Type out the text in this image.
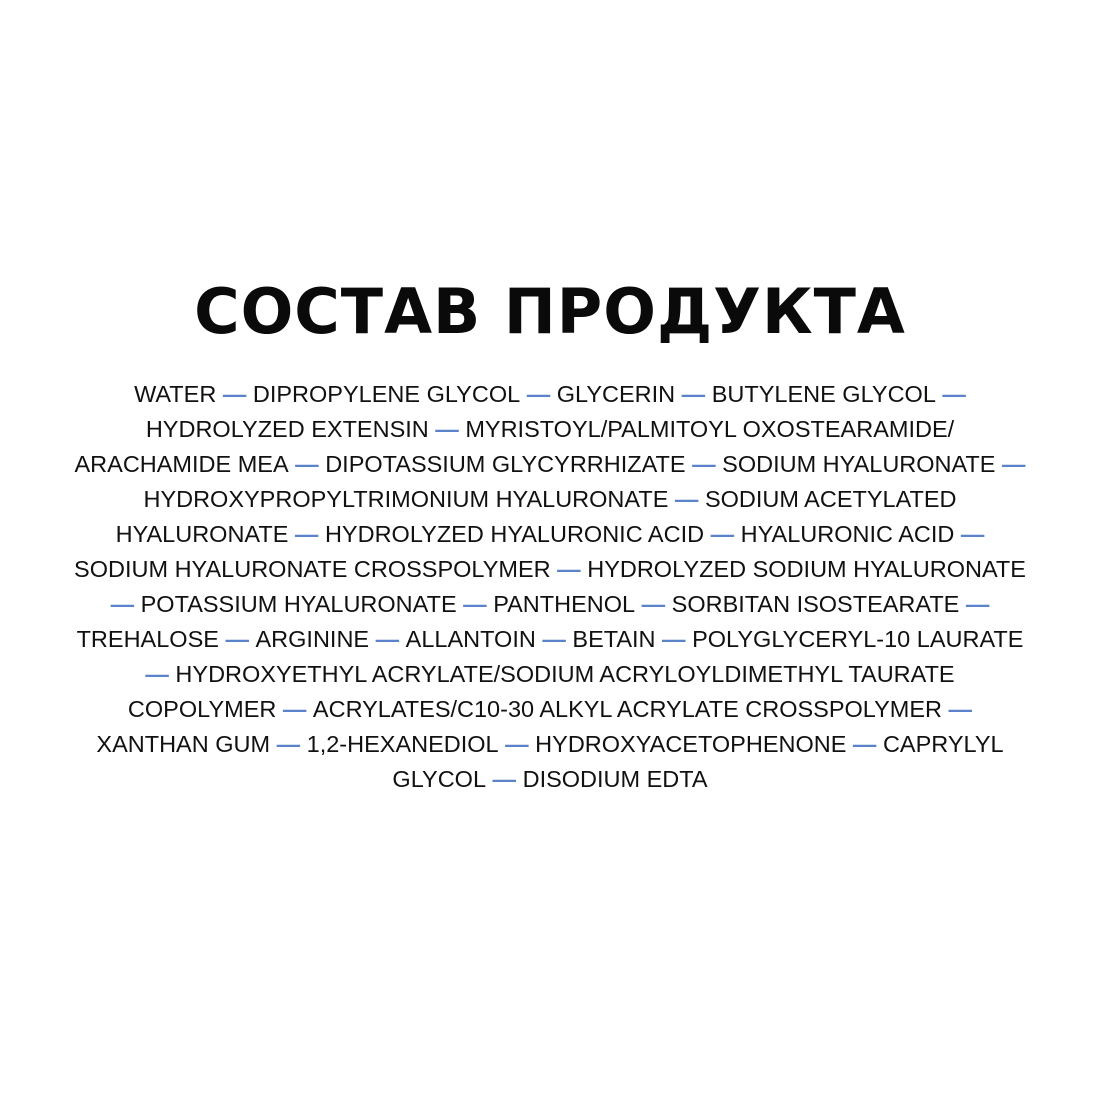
СОСТАВ ПРОДУКТА

WATER — DIPROPYLENE GLYCOL — GLYCERIN — BUTYLENE GLYCOL — HYDROLYZED EXTENSIN — MYRISTOYL/PALMITOYL OXOSTEARAMIDE/ ARACHAMIDE MEA — DIPOTASSIUM GLYCYRRHIZATE — SODIUM HYALURONATE — HYDROXYPROPYLTRIMONIUM HYALURONATE — SODIUM ACETYLATED HYALURONATE — HYDROLYZED HYALURONIC ACID — HYALURONIC ACID — SODIUM HYALURONATE CROSSPOLYMER — HYDROLYZED SODIUM HYALURONATE — POTASSIUM HYALURONATE — PANTHENOL — SORBITAN ISOSTEARATE — TREHALOSE — ARGININE — ALLANTOIN — BETAIN — POLYGLYCERYL-10 LAURATE — HYDROXYETHYL ACRYLATE/SODIUM ACRYLOYLDIMETHYL TAURATE COPOLYMER — ACRYLATES/C10-30 ALKYL ACRYLATE CROSSPOLYMER — XANTHAN GUM — 1,2-HEXANEDIOL — HYDROXYACETOPHENONE — CAPRYLYL GLYCOL — DISODIUM EDTA
